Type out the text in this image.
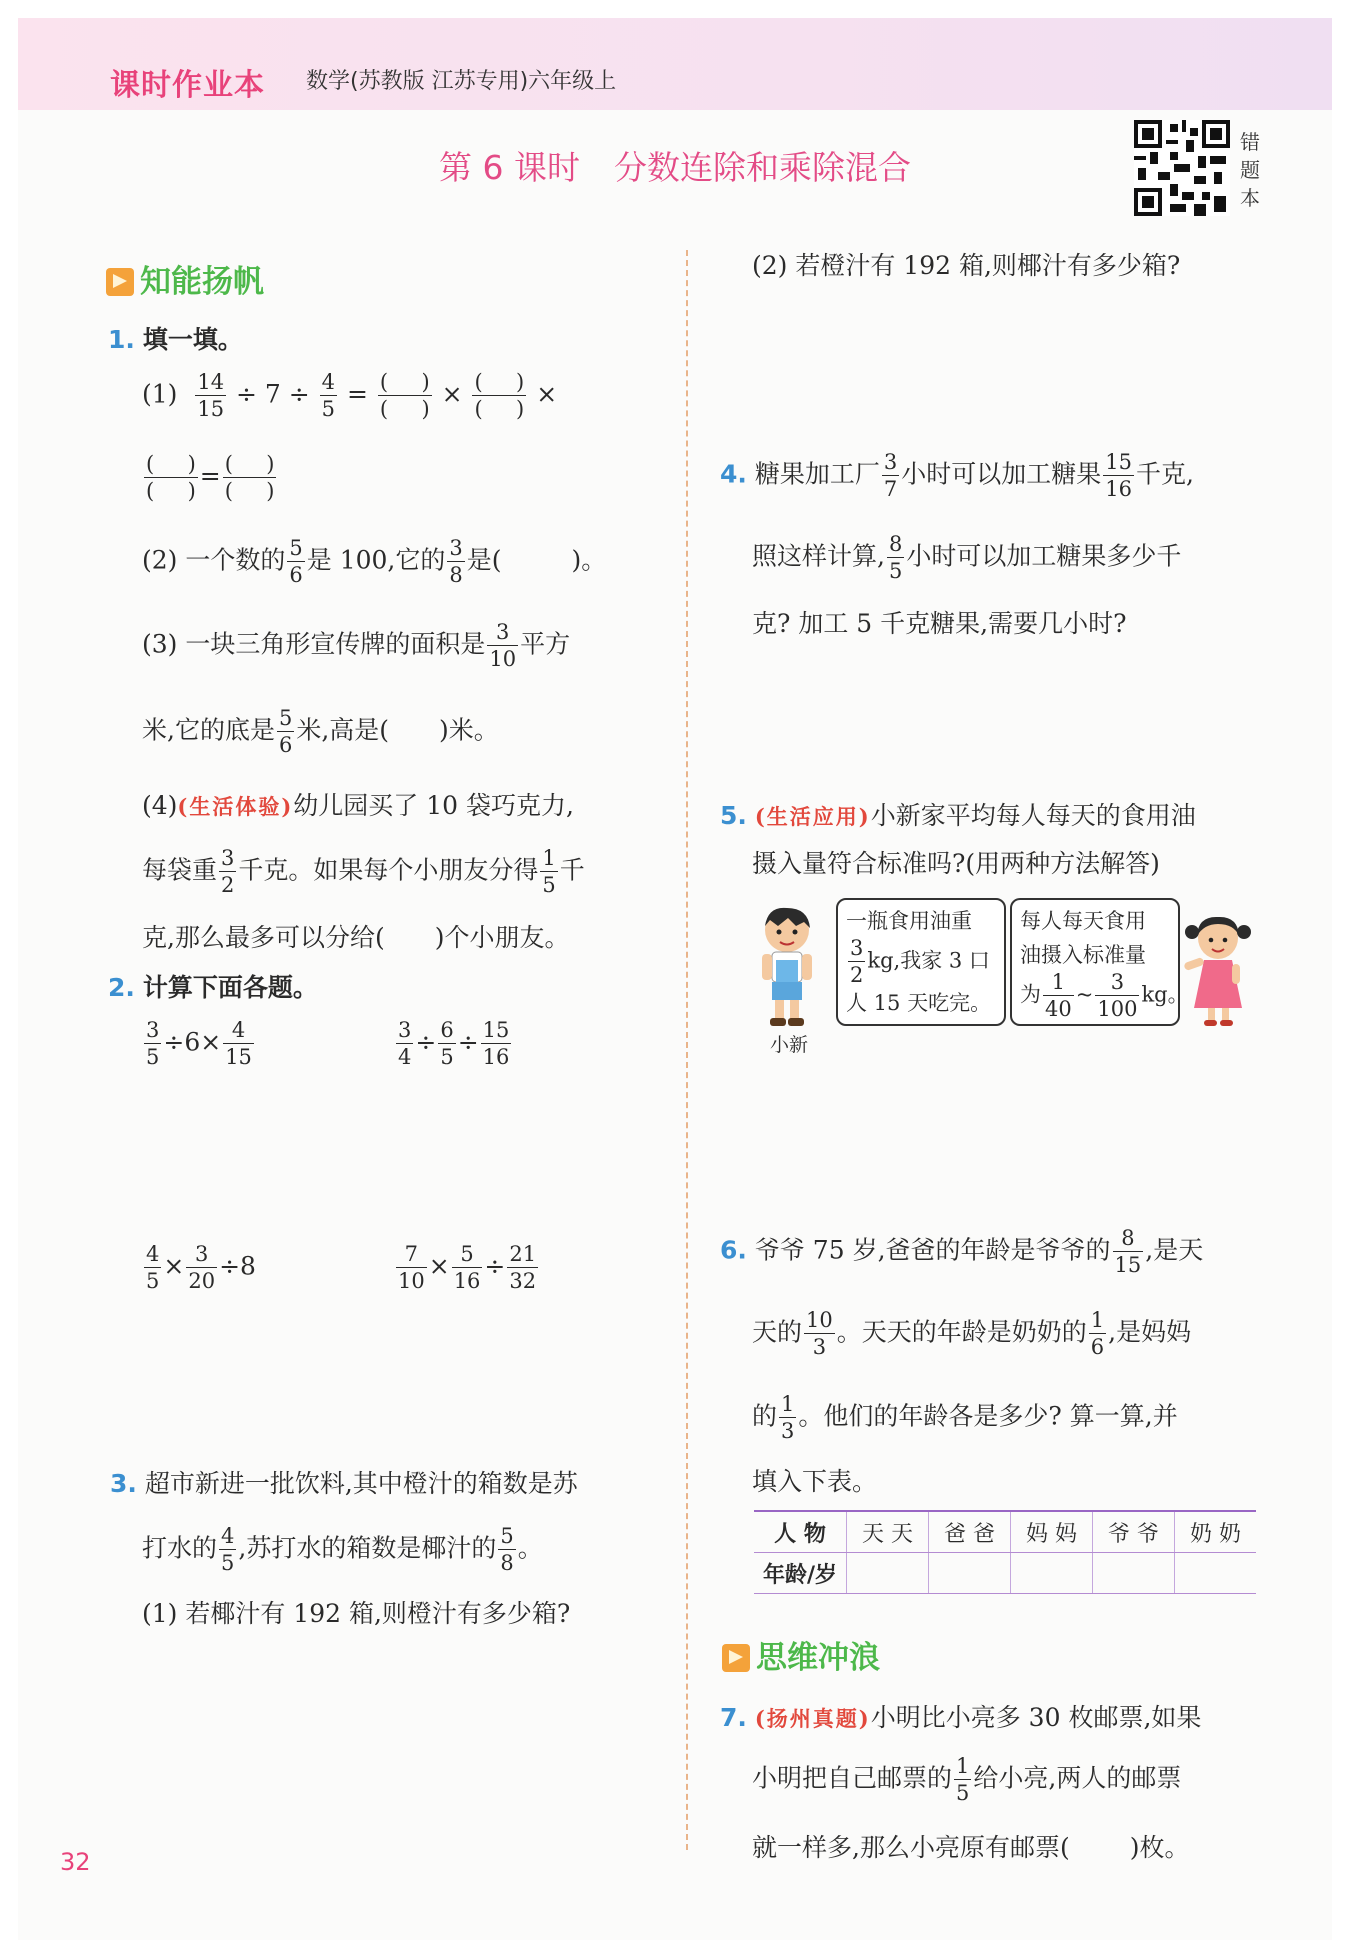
课时作业本 数学(苏教版 江苏专用)六年级上
第 6 课时 分数连除和乘除混合
错
题
本
知能扬帆
1. 填一填。
$(1) \frac{14}{15} \div 7 \div \frac{4}{5}$ = (     )
(     )
× (     )
(     )
×
(     )
(     )
= (     )
(     )
(2) 一个数的 $\frac{5}{6}$ 是 100,它的 $\frac{3}{8}$ 是(	)。
(3) 一块三角形宣传牌的面积是 $\frac{3}{10}$ 平方
米,它的底是 $\frac{5}{6}$ 米,高是( )米。
(4)(生活体验)幼儿园买了 10 袋巧克力,
每袋重 $\frac{3}{2}$ 千克。如果每个小朋友分得 $\frac{1}{5}$ 千
克,那么最多可以分给( )个小朋友。
2. 计算下面各题。
$\frac{3}{5} \div 6\times \frac{4}{15}$	$\frac{3}{4} \div \frac{6}{5} \div \frac{15}{16}$
$\frac{4}{5} \times \frac{3}{20} \div 8$	$\frac{7}{10} \times \frac{5}{16} \div \frac{21}{32}$
3. 超市新进一批饮料,其中橙汁的箱数是苏
打水的 $\frac{4}{5}$ ,苏打水的箱数是椰汁的 $\frac{5}{8}$ 。
(1) 若椰汁有 192 箱,则橙汁有多少箱?
32
(2) 若橙汁有 192 箱,则椰汁有多少箱?
4. 糖果加工厂 $\frac{3}{7}$ 小时可以加工糖果 $\frac{15}{16}$ 千克,
照这样计算, $\frac{8}{5}$ 小时可以加工糖果多少千
克? 加工 5 千克糖果,需要几小时?
5. (生活应用)小新家平均每人每天的食用油
摄入量符合标准吗?(用两种方法解答)
小新
一瓶食用油重
$\frac{3}{2}$ kg,我家 3 口
人 15 天吃完。
每人每天食用
油摄入标准量
为 $\frac{1}{40}$ ~ $\frac{3}{100}$ kg。
6. 爷爷 75 岁,爸爸的年龄是爷爷的 $\frac{8}{15}$ ,是天
天的 $\frac{10}{3}$ 。天天的年龄是奶奶的 $\frac{1}{6}$ ,是妈妈
的 $\frac{1}{3}$ 。他们的年龄各是多少? 算一算,并
填入下表。
人 物	天 天	爸 爸	妈 妈	爷 爷	奶 奶
年龄/岁					
思维冲浪
7. (扬州真题)小明比小亮多 30 枚邮票,如果
小明把自己邮票的 $\frac{1}{5}$ 给小亮,两人的邮票
就一样多,那么小亮原有邮票( )枚。
